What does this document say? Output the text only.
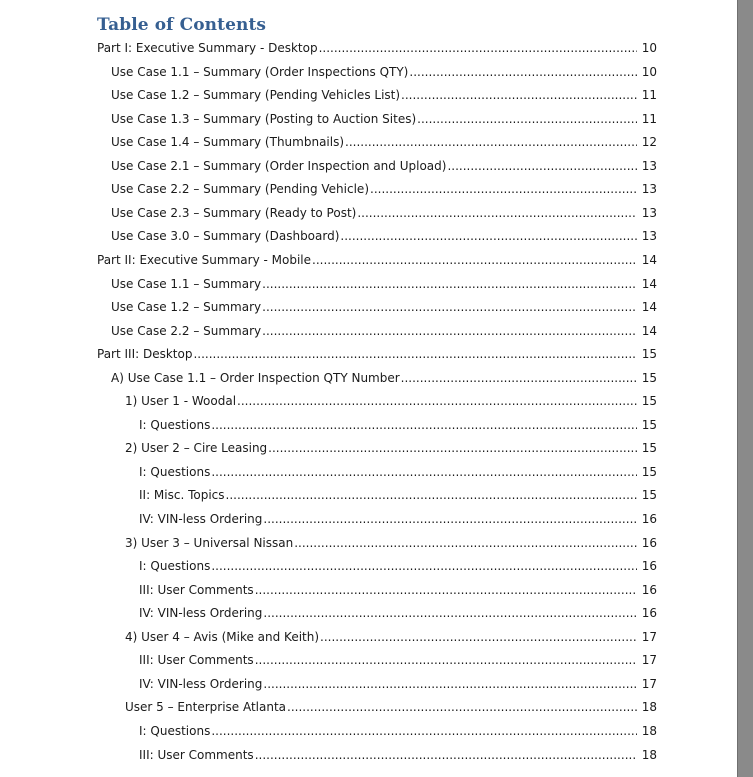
Table of Contents
Part I: Executive Summary - Desktop .....	10
Use Case 1.1 – Summary (Order Inspections QTY) .....	10
Use Case 1.2 – Summary (Pending Vehicles List) .....	11
Use Case 1.3 – Summary (Posting to Auction Sites) .....	11
Use Case 1.4 – Summary (Thumbnails) .....	12
Use Case 2.1 – Summary (Order Inspection and Upload) .....	13
Use Case 2.2 – Summary (Pending Vehicle) .....	13
Use Case 2.3 – Summary (Ready to Post) .....	13
Use Case 3.0 – Summary (Dashboard) .....	13
Part II: Executive Summary - Mobile .....	14
Use Case 1.1 – Summary .....	14
Use Case 1.2 – Summary .....	14
Use Case 2.2 – Summary .....	14
Part III: Desktop .....	15
A) Use Case 1.1 – Order Inspection QTY Number .....	15
1) User 1 - Woodal .....	15
I: Questions .....	15
2) User 2 – Cire Leasing .....	15
I: Questions .....	15
II: Misc. Topics .....	15
IV: VIN-less Ordering .....	16
3) User 3 – Universal Nissan .....	16
I: Questions .....	16
III: User Comments .....	16
IV: VIN-less Ordering .....	16
4) User 4 – Avis (Mike and Keith) .....	17
III: User Comments .....	17
IV: VIN-less Ordering .....	17
User 5 – Enterprise Atlanta .....	18
I: Questions .....	18
III: User Comments .....	18
